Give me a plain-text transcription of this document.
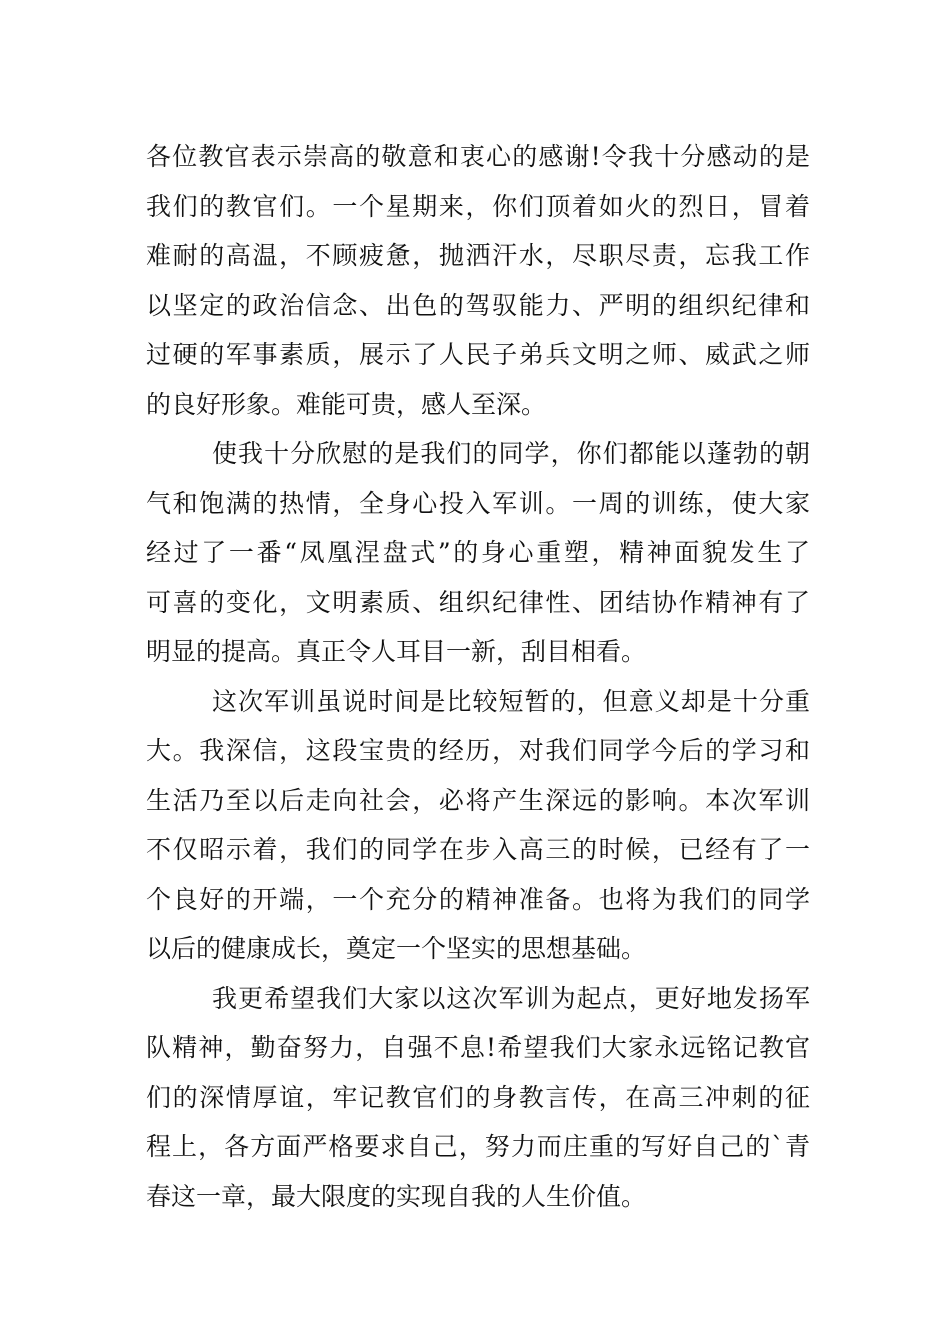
各位教官表示崇高的敬意和衷心的感谢!令我十分感动的是
我们的教官们。一个星期来，你们顶着如火的烈日，冒着
难耐的高温，不顾疲惫，抛洒汗水，尽职尽责，忘我工作
以坚定的政治信念、出色的驾驭能力、严明的组织纪律和
过硬的军事素质，展示了人民子弟兵文明之师、威武之师
的良好形象。难能可贵，感人至深。
使我十分欣慰的是我们的同学，你们都能以蓬勃的朝
气和饱满的热情，全身心投入军训。一周的训练，使大家
经过了一番“凤凰涅盘式”的身心重塑，精神面貌发生了
可喜的变化，文明素质、组织纪律性、团结协作精神有了
明显的提高。真正令人耳目一新，刮目相看。
这次军训虽说时间是比较短暂的，但意义却是十分重
大。我深信，这段宝贵的经历，对我们同学今后的学习和
生活乃至以后走向社会，必将产生深远的影响。本次军训
不仅昭示着，我们的同学在步入高三的时候，已经有了一
个良好的开端，一个充分的精神准备。也将为我们的同学
以后的健康成长，奠定一个坚实的思想基础。
我更希望我们大家以这次军训为起点，更好地发扬军
队精神，勤奋努力，自强不息!希望我们大家永远铭记教官
们的深情厚谊，牢记教官们的身教言传，在高三冲刺的征
程上，各方面严格要求自己，努力而庄重的写好自己的`青
春这一章，最大限度的实现自我的人生价值。
